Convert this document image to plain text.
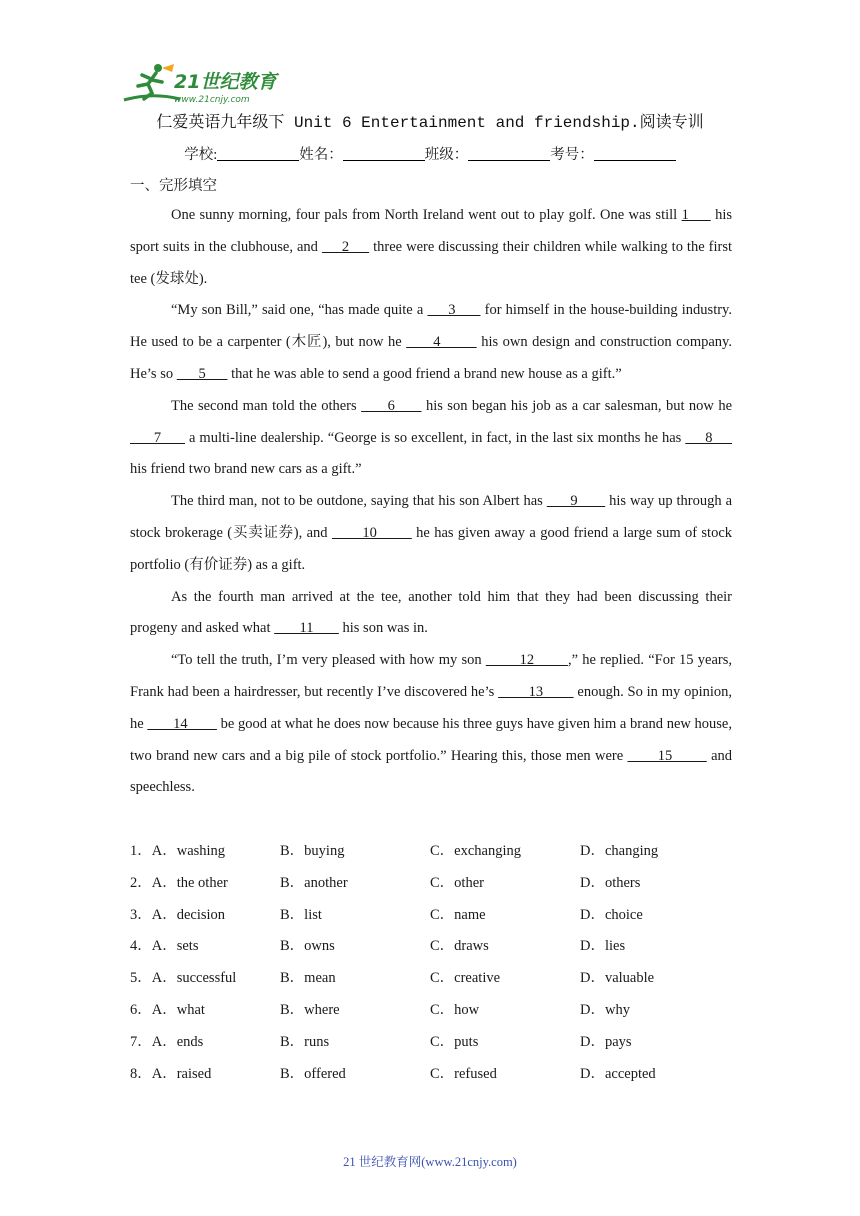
21世纪教育
www.21cnjy.com
仁爱英语九年级下 Unit 6 Entertainment and friendship.阅读专训
学校:	姓名：	班级：	考号：
一、完形填空

One sunny morning, four pals from North Ireland went out to play golf. One was still 1      his sport suits in the clubhouse, and      2      three were discussing their children while walking to the first tee (发球处).

“My son Bill,” said one, “has made quite a      3       for himself in the house-building industry. He used to be a carpenter (木匠), but now he       4         his own design and construction company. He’s so       5       that he was able to send a good friend a brand new house as a gift.”

The second man told the others       6       his son began his job as a car salesman, but now he       7       a multi-line dealership. “George is so excellent, in fact, in the last six months he has      8      his friend two brand new cars as a gift.”

The third man, not to be outdone, saying that his son Albert has       9        his way up through a stock brokerage (买卖证券), and        10         he has given away a good friend a large sum of stock portfolio (有价证券) as a gift.

As the fourth man arrived at the tee, another told him that they had been discussing their progeny and asked what        11        his son was in.

“To tell the truth, I’m very pleased with how my son         12        ,” he replied. “For 15 years, Frank had been a hairdresser, but recently I’ve discovered he’s         13         enough. So in my opinion, he        14         be good at what he does now because his three guys have given him a brand new house, two brand new cars and a big pile of stock portfolio.” Hearing this, those men were        15         and speechless.

1．A．washing	B．buying	C．exchanging	D．changing
2．A．the other	B．another	C．other	D．others
3．A．decision	B．list	C．name	D．choice
4．A．sets	B．owns	C．draws	D．lies
5．A．successful	B．mean	C．creative	D．valuable
6．A．what	B．where	C．how	D．why
7．A．ends	B．runs	C．puts	D．pays
8．A．raised	B．offered	C．refused	D．accepted
21 世纪教育网(www.21cnjy.com)
